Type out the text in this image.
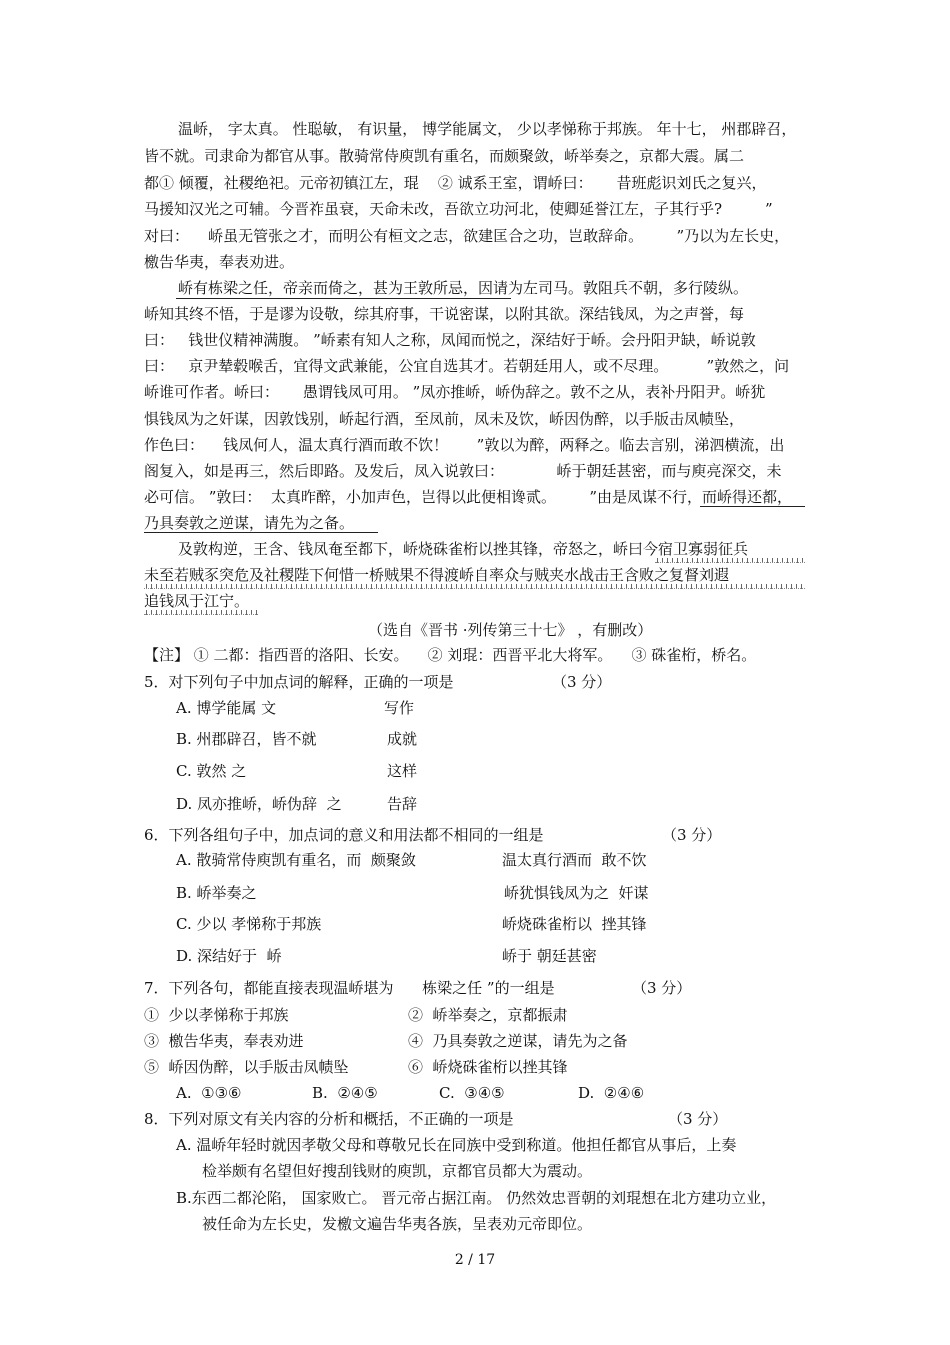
温峤， 字太真。 性聪敏， 有识量， 博学能属文， 少以孝悌称于邦族。 年十七， 州郡辟召，
皆不就。司隶命为都官从事。散骑常侍庾凯有重名，而颇聚敛，峤举奏之，京都大震。属二
都① 倾覆，社稷绝祀。元帝初镇江左，琨    ② 诚系王室，谓峤曰：     昔班彪识刘氏之复兴，
马援知汉光之可辅。今晋祚虽衰，天命未改，吾欲立功河北，使卿延誉江左，子其行乎?         ”
对曰：    峤虽无管张之才，而明公有桓文之志，欲建匡合之功，岂敢辞命。       ”乃以为左长史，
檄告华夷，奉表劝进。
峤有栋梁之任，帝亲而倚之，甚为王敦所忌，因请为左司马。敦阻兵不朝，多行陵纵。
峤知其终不悟，于是谬为设敬，综其府事，干说密谋，以附其欲。深结钱凤，为之声誉，每
曰：   钱世仪精神满腹。 ”峤素有知人之称，凤闻而悦之，深结好于峤。会丹阳尹缺，峤说敦
曰：   京尹辇毂喉舌，宜得文武兼能，公宜自选其才。若朝廷用人，或不尽理。        ”敦然之，问
峤谁可作者。峤曰：     愚谓钱凤可用。 ”凤亦推峤，峤伪辞之。敦不之从，表补丹阳尹。峤犹
惧钱凤为之奸谋，因敦饯别，峤起行酒，至凤前，凤未及饮，峤因伪醉，以手版击凤帻坠，
作色曰：    钱凤何人，温太真行酒而敢不饮！      ”敦以为醉，两释之。临去言别，涕泗横流，出
阁复入，如是再三，然后即路。及发后，凤入说敦曰：           峤于朝廷甚密，而与庾亮深交，未
必可信。 ”敦曰：  太真昨醉，小加声色，岂得以此便相谗贰。       ”由是凤谋不行，而峤得还都，
乃具奏敦之逆谋，请先为之备。
及敦构逆，王含、钱凤奄至都下，峤烧硃雀桁以挫其锋，帝怒之，峤曰今宿卫寡弱征兵
未至若贼豕突危及社稷陛下何惜一桥贼果不得渡峤自率众与贼夹水战击王含败之复督刘遐
追钱凤于江宁。
（选自《晋书 ·列传第三十七》 ，有删改）
【注】 ① 二都：指西晋的洛阳、长安。    ② 刘琨：西晋平北大将军。    ③ 硃雀桁，桥名。
5．对下列句子中加点词的解释，正确的一项是	（3 分）
A. 博学能属 文	写作
B. 州郡辟召，皆不就	成就
C. 敦然 之	这样
D. 凤亦推峤，峤伪辞  之	告辞
6．下列各组句子中，加点词的意义和用法都不相同的一组是	（3 分）
A. 散骑常侍庾凯有重名，而  颇聚敛	温太真行酒而  敢不饮
B. 峤举奏之	峤犹惧钱凤为之  奸谋
C. 少以 孝悌称于邦族	峤烧硃雀桁以  挫其锋
D. 深结好于  峤	峤于 朝廷甚密
7．下列各句，都能直接表现温峤堪为      栋梁之任 ”的一组是	（3 分）
①  少以孝悌称于邦族	②  峤举奏之，京都振肃
③  檄告华夷，奉表劝进	④  乃具奏敦之逆谋，请先为之备
⑤  峤因伪醉，以手版击凤帻坠	⑥  峤烧硃雀桁以挫其锋
A.  ①③⑥	B.  ②④⑤	C.  ③④⑤	D.  ②④⑥
8．下列对原文有关内容的分析和概括，不正确的一项是	（3 分）
A. 温峤年轻时就因孝敬父母和尊敬兄长在同族中受到称道。他担任都官从事后，上奏
检举颇有名望但好搜刮钱财的庾凯，京都官员都大为震动。
B.东西二都沦陷， 国家败亡。 晋元帝占据江南。 仍然效忠晋朝的刘琨想在北方建功立业，
被任命为左长史，发檄文遍告华夷各族，呈表劝元帝即位。
2 / 17
